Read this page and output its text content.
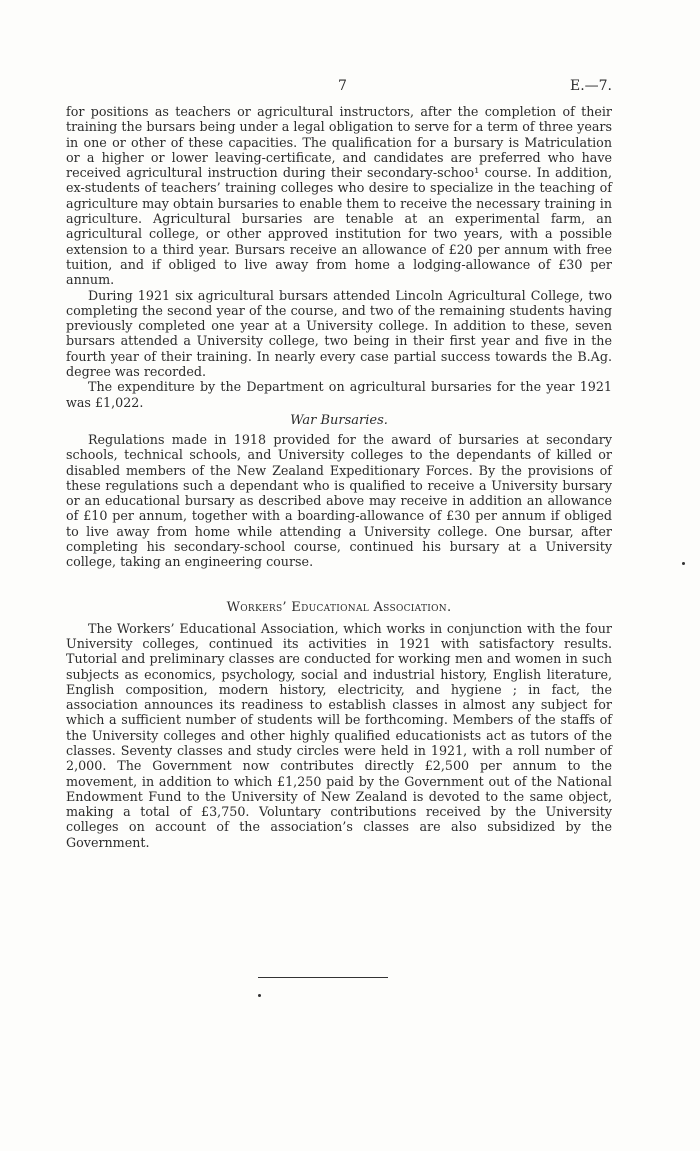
7	E.—7.

for positions as teachers or agricultural instructors, after the completion of their training the bursars being under a legal obligation to serve for a term of three years in one or other of these capacities. The qualification for a bursary is Matriculation or a higher or lower leaving-certificate, and candidates are preferred who have received agricultural instruction during their secondary-schoo¹ course. In addition, ex-students of teachers’ training colleges who desire to specialize in the teaching of agriculture may obtain bursaries to enable them to receive the necessary training in agriculture. Agricultural bursaries are tenable at an experimental farm, an agricultural college, or other approved institution for two years, with a possible extension to a third year. Bursars receive an allowance of £20 per annum with free tuition, and if obliged to live away from home a lodging-allowance of £30 per annum.

During 1921 six agricultural bursars attended Lincoln Agricultural College, two completing the second year of the course, and two of the remaining students having previously completed one year at a University college. In addition to these, seven bursars attended a University college, two being in their first year and five in the fourth year of their training. In nearly every case partial success towards the B.Ag. degree was recorded.

The expenditure by the Department on agricultural bursaries for the year 1921 was £1,022.

War Bursaries.

Regulations made in 1918 provided for the award of bursaries at secondary schools, technical schools, and University colleges to the dependants of killed or disabled members of the New Zealand Expeditionary Forces. By the provisions of these regulations such a dependant who is qualified to receive a University bursary or an educational bursary as described above may receive in addition an allowance of £10 per annum, together with a boarding-allowance of £30 per annum if obliged to live away from home while attending a University college. One bursar, after completing his secondary-school course, continued his bursary at a University college, taking an engineering course.

Workers’ Educational Association.

The Workers’ Educational Association, which works in conjunction with the four University colleges, continued its activities in 1921 with satisfactory results. Tutorial and preliminary classes are conducted for working men and women in such subjects as economics, psychology, social and industrial history, English literature, English composition, modern history, electricity, and hygiene ; in fact, the association announces its readiness to establish classes in almost any subject for which a sufficient number of students will be forthcoming. Members of the staffs of the University colleges and other highly qualified educationists act as tutors of the classes. Seventy classes and study circles were held in 1921, with a roll number of 2,000. The Government now contributes directly £2,500 per annum to the movement, in addition to which £1,250 paid by the Government out of the National Endowment Fund to the University of New Zealand is devoted to the same object, making a total of £3,750. Voluntary contributions received by the University colleges on account of the association’s classes are also subsidized by the Government.
